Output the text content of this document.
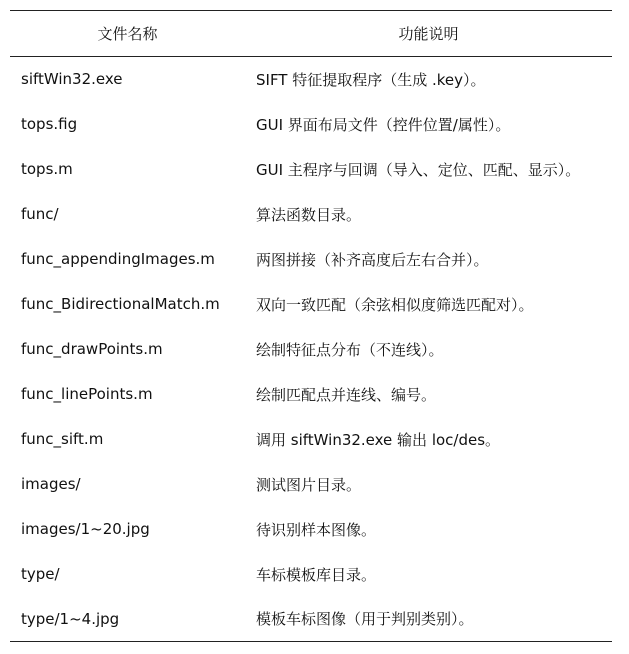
文件名称	功能说明
siftWin32.exe	SIFT 特征提取程序（生成 .key）。
tops.fig	GUI 界面布局文件（控件位置/属性）。
tops.m	GUI 主程序与回调（导入、定位、匹配、显示）。
func/	算法函数目录。
func_appendingImages.m	两图拼接（补齐高度后左右合并）。
func_BidirectionalMatch.m	双向一致匹配（余弦相似度筛选匹配对）。
func_drawPoints.m	绘制特征点分布（不连线）。
func_linePoints.m	绘制匹配点并连线、编号。
func_sift.m	调用 siftWin32.exe 输出 loc/des。
images/	测试图片目录。
images/1~20.jpg	待识别样本图像。
type/	车标模板库目录。
type/1~4.jpg	模板车标图像（用于判别类别）。
